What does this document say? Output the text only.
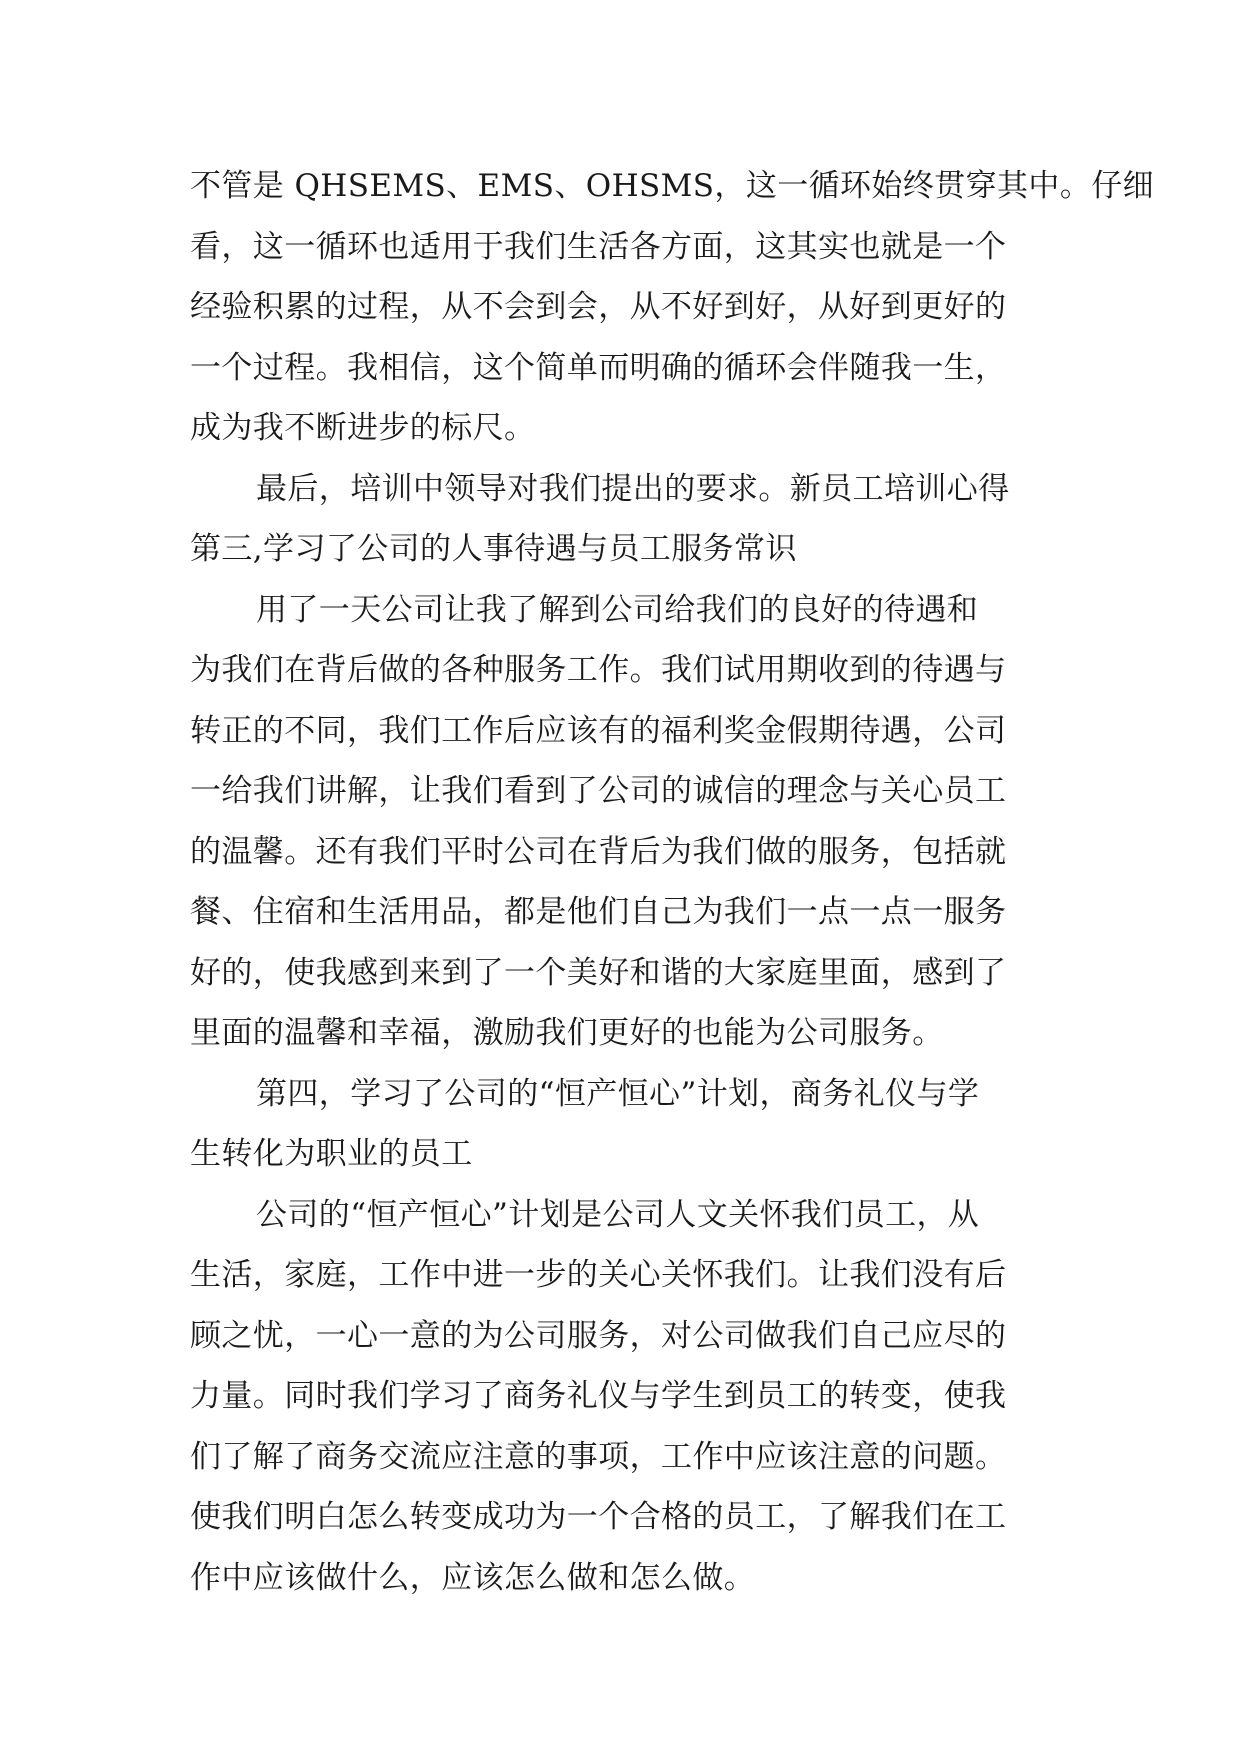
不管是 QHSEMS、EMS、OHSMS，这一循环始终贯穿其中。仔细
看，这一循环也适用于我们生活各方面，这其实也就是一个
经验积累的过程，从不会到会，从不好到好，从好到更好的
一个过程。我相信，这个简单而明确的循环会伴随我一生，
成为我不断进步的标尺。
最后，培训中领导对我们提出的要求。新员工培训心得
第三,学习了公司的人事待遇与员工服务常识
用了一天公司让我了解到公司给我们的良好的待遇和
为我们在背后做的各种服务工作。我们试用期收到的待遇与
转正的不同，我们工作后应该有的福利奖金假期待遇，公司
一给我们讲解，让我们看到了公司的诚信的理念与关心员工
的温馨。还有我们平时公司在背后为我们做的服务，包括就
餐、住宿和生活用品，都是他们自己为我们一点一点一服务
好的，使我感到来到了一个美好和谐的大家庭里面，感到了
里面的温馨和幸福，激励我们更好的也能为公司服务。
第四，学习了公司的“恒产恒心”计划，商务礼仪与学
生转化为职业的员工
公司的“恒产恒心”计划是公司人文关怀我们员工，从
生活，家庭，工作中进一步的关心关怀我们。让我们没有后
顾之忧，一心一意的为公司服务，对公司做我们自己应尽的
力量。同时我们学习了商务礼仪与学生到员工的转变，使我
们了解了商务交流应注意的事项，工作中应该注意的问题。
使我们明白怎么转变成功为一个合格的员工，了解我们在工
作中应该做什么，应该怎么做和怎么做。
